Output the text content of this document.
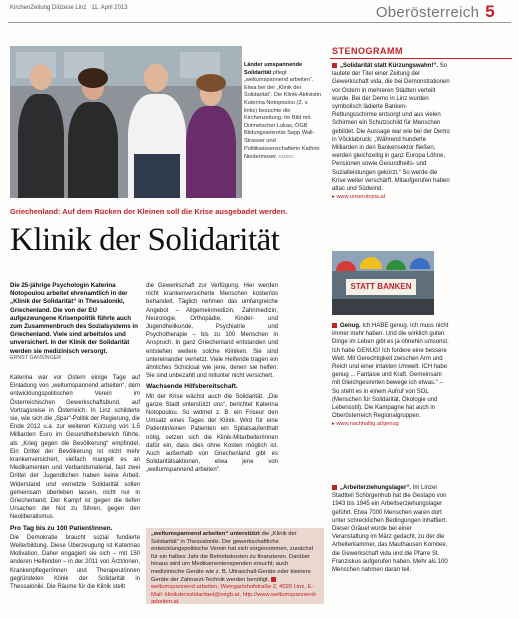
KirchenZeitung Diözese Linz 11. April 2013	Oberösterreich 5
Länder umspannende Solidarität pflegt „weltumspannend arbeiten“. Etwa bei der „Klinik der Solidarität“. Die Klinik-Aktivistin Katerina Notopoulou (2. v. links) besuchte die Kirchenzeitung. Im Bild mit Dolmetscher Lukas, ÖGB Bildungssekretär Sepp Wall-Strasser und Politikwissenschafterin Kathrin Niedermoser. KIZ/EG
Griechenland: Auf dem Rücken der Kleinen soll die Krise ausgebadet werden.
Klinik der Solidarität
Die 25-jährige Psychologin Katerina Notopoulou arbeitet ehrenamtlich in der „Klinik der Solidarität“ in Thessaloniki, Griechenland. Die von der EU aufgezwungene Krisenpolitik führte auch zum Zusammenbruch des Sozialsystems in Griechenland. Viele sind arbeitslos und unversichert. In der Klinik der Solidarität werden sie medizinisch versorgt.
ERNST GANSINGER
Katerina war vor Ostern einige Tage auf Einladung von „weltumspannend arbeiten“, dem entwicklungspolitischen Verein im Österreichischen Gewerkschaftsbund, auf Vortragsreise in Österreich. In Linz schilderte sie, wie sich die „Spar“-Politik der Regierung, die Ende 2012 u.a. zur weiteren Kürzung von 1,5 Milliarden Euro im Gesundheitsbereich führte, als „Krieg gegen die Bevölkerung“ empfindet. Ein Drittel der Bevölkerung ist nicht mehr krankenversichert, vielfach mangelt es an Medikamenten und Verbandsmaterial, fast zwei Drittel der Jugendlichen haben keine Arbeit. Widerstand und vernetzte Solidarität sollen gemeinsam überleben lassen, nicht nur in Griechenland. Der Kampf ist gegen die tiefen Ursachen der Not zu führen, gegen den Neoliberalismus.
Pro Tag bis zu 100 Patient/innen.
Die Demokratie braucht sozial fundierte Weiterbildung. Diese Überzeugung ist Katerinas Motivation. Daher engagiert sie sich – mit 150 anderen Helfenden – in der 2011 von Ärzt/innen, Krankenpfleger/innen und Therapeut/innen gegründeten Klinik der Solidarität in Thessaloniki. Die Räume für die Klinik stellt
die Gewerkschaft zur Verfügung. Hier werden nicht krankenversicherte Menschen kostenlos behandelt. Täglich nehmen das umfangreiche Angebot – Allgemeinmedizin, Zahnmedizin, Neurologie, Orthopädie, Kinder- und Jugendheilkunde, Psychiatrie und Psychotherapie – bis zu 100 Menschen in Anspruch. In ganz Griechenland entstanden und entstehen weitere solche Kliniken. Sie sind untereinander vernetzt. Viele Helfende tragen ein ähnliches Schicksal wie jene, denen sie helfen: Sie sind unbezahlt und mitunter nicht versichert.
Wachsende Hilfsbereitschaft.
Mit der Krise wächst auch die Solidarität. „Die ganze Stadt unterstützt uns“, berichtet Katerina Notopoulou. So widmet z. B. ein Friseur den Umsatz eines Tages der Klinik. Wird für eine Patientin/einen Patienten ein Spitalsaufenthalt nötig, setzen sich die Klinik-Mitarbeiter/innen dafür ein, dass dies ohne Kosten möglich ist. Auch außerhalb von Griechenland gibt es Solidaritätsaktionen, etwa jene von „weltumspannend arbeiten“.
„weltumspannend arbeiten“ unterstützt die „Klinik der Solidarität“ in Thessaloniki. Der gewerkschaftliche entwicklungspolitische Verein hat sich vorgenommen, zunächst für ein halbes Jahr die Betriebskosten zu finanzieren. Darüber hinaus wird um Medikamentenspenden ersucht; auch medizinische Geräte wie z. B. Ultraschall-Geräte oder kleinere Geräte der Zahnarzt-Technik werden benötigt. weltumspannend arbeiten, Weingartshofstraße 2, 4020 Linz, E-Mail: klinikdersolidaritaet@oegb.at, http://www.weltumspannend-arbeiten.at
STENOGRAMM
„Solidarität statt Kürzungswahn!“. So lautete der Titel einer Zeitung der Gewerkschaft vida, die bei Demonstrationen vor Ostern in mehreren Städten verteilt wurde. Bei der Demo in Linz wurden symbolisch lädierte Banken-Rettungsschirme entsorgt und aus vielen Schirmen ein Schutzschild für Menschen gebildet. Die Aussage war wie bei der Demo in Vöcklabruck: „Während hunderte Milliarden in den Bankensektor fließen, werden gleichzeitig in ganz Europa Löhne, Pensionen sowie Gesundheits- und Sozialleistungen gekürzt.“ So werde die Krise weiter verschärft. Mitaufgerufen haben attac und Südwind.
▸ www.unserutopia.at
STATT BANKEN
Genug. Ich HABE genug. Ich muss nicht immer mehr haben. Und die wirklich guten Dinge im Leben gibt es ja ohnehin umsonst. Ich habe GENUG! Ich fordere eine bessere Welt. Mit Gerechtigkeit zwischen Arm und Reich und einer intakten Umwelt. ICH habe genug ... Fantasie und Kraft. Gemeinsam mit Gleichgesinnten bewege ich etwas.“ – So steht es in einem Aufruf von SOL (Menschen für Solidarität, Ökologie und Lebensstil). Die Kampagne hat auch in Oberösterreich Regionalgruppen.
▸ www.nachhaltig.at/genug
„Arbeiterziehungslager“. Im Linzer Stadtteil Schörgenhub hat die Gestapo von 1943 bis 1945 ein Arbeitserziehungslager geführt. Etwa 7000 Menschen waren dort unter schrecklichen Bedingungen inhaftiert. Dieser Gräuel wurde bei einer Veranstaltung im März gedacht, zu der die Arbeiterkammer, das Mauthausen Komitee, die Gewerkschaft vida und die Pfarre St. Franziskus aufgerufen haben. Mehr als 100 Menschen nahmen daran teil.
